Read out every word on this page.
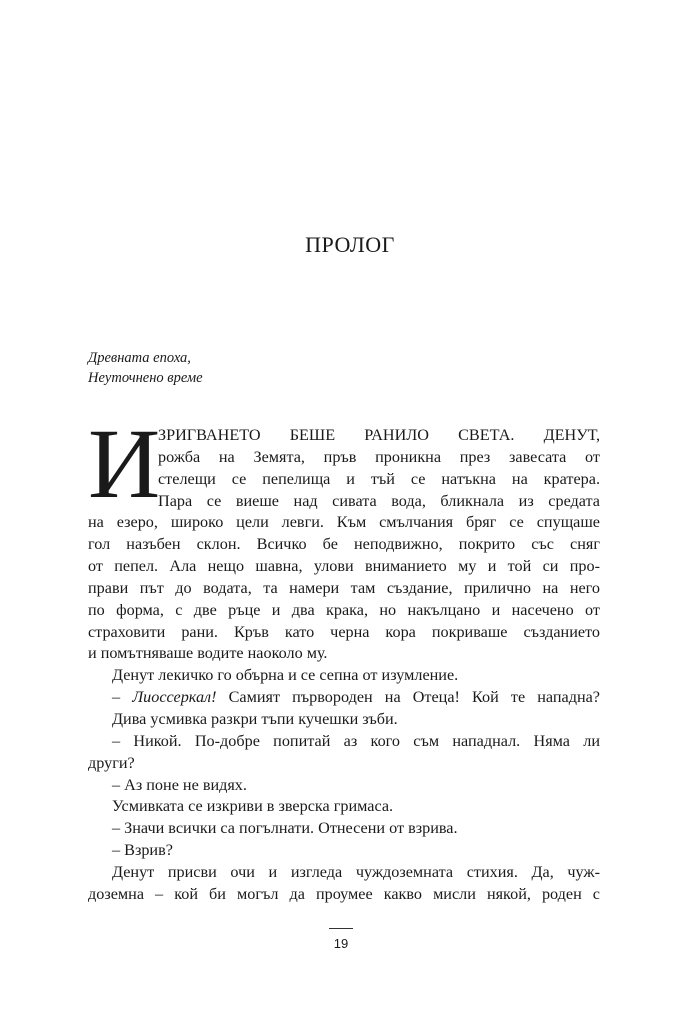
ПРОЛОГ
Древната епоха,
Неуточнено време
И
ЗРИГВАНЕТО БЕШЕ РАНИЛО СВЕТА. ДЕНУТ,
рожба на Земята, пръв проникна през завесата от
стелещи се пепелища и тъй се натъкна на кратера.
Пара се виеше над сивата вода, бликнала из средата
на езеро, широко цели левги. Към смълчания бряг се спущаше
гол назъбен склон. Всичко бе неподвижно, покрито със сняг
от пепел. Ала нещо шавна, улови вниманието му и той си про-
прави път до водата, та намери там създание, прилично на него
по форма, с две ръце и два крака, но накълцано и насечено от
страховити рани. Кръв като черна кора покриваше създанието
и помътняваше водите наоколо му.
Денут лекичко го обърна и се сепна от изумление.
– Лиоссеркал! Самият първороден на Отеца! Кой те нападна?
Дива усмивка разкри тъпи кучешки зъби.
– Никой. По-добре попитай аз кого съм нападнал. Няма ли
други?
– Аз поне не видях.
Усмивката се изкриви в зверска гримаса.
– Значи всички са погълнати. Отнесени от взрива.
– Взрив?
Денут присви очи и изгледа чуждоземната стихия. Да, чуж-
доземна – кой би могъл да проумее какво мисли някой, роден с
19
